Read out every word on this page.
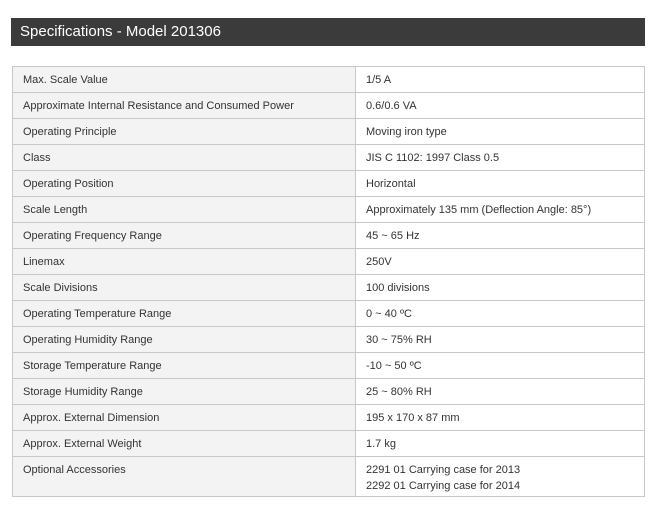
Specifications - Model 201306
Max. Scale Value	1/5 A
Approximate Internal Resistance and Consumed Power	0.6/0.6 VA
Operating Principle	Moving iron type
Class	JIS C 1102: 1997 Class 0.5
Operating Position	Horizontal
Scale Length	Approximately 135 mm (Deflection Angle: 85°)
Operating Frequency Range	45 ~ 65 Hz
Linemax	250V
Scale Divisions	100 divisions
Operating Temperature Range	0 ~ 40 ºC
Operating Humidity Range	30 ~ 75% RH
Storage Temperature Range	-10 ~ 50 ºC
Storage Humidity Range	25 ~ 80% RH
Approx. External Dimension	195 x 170 x 87 mm
Approx. External Weight	1.7 kg
Optional Accessories	2291 01 Carrying case for 2013
2292 01 Carrying case for 2014
